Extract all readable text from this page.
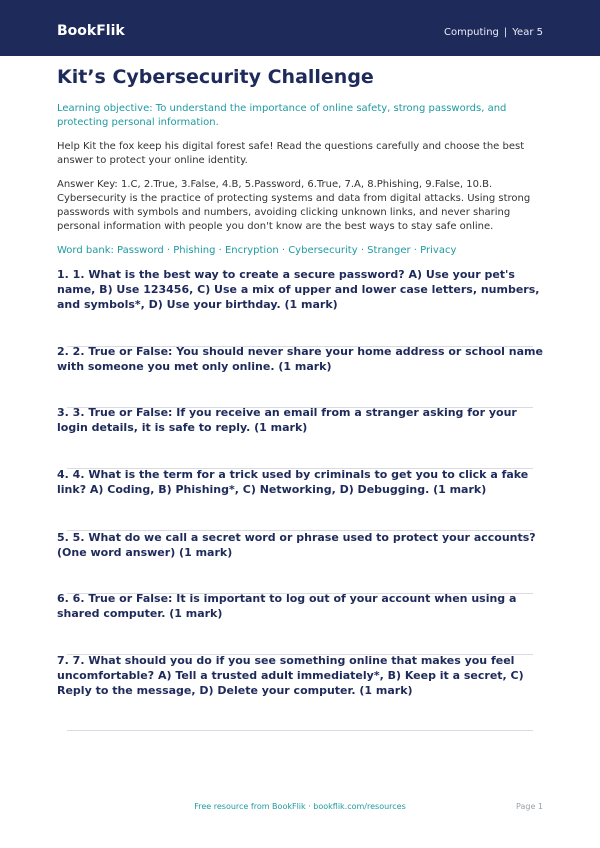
BookFlik	Computing | Year 5
Kit’s Cybersecurity Challenge
Learning objective: To understand the importance of online safety, strong passwords, and protecting personal information.
Help Kit the fox keep his digital forest safe! Read the questions carefully and choose the best answer to protect your online identity.
Answer Key: 1.C, 2.True, 3.False, 4.B, 5.Password, 6.True, 7.A, 8.Phishing, 9.False, 10.B. Cybersecurity is the practice of protecting systems and data from digital attacks. Using strong passwords with symbols and numbers, avoiding clicking unknown links, and never sharing personal information with people you don't know are the best ways to stay safe online.
Word bank: Password · Phishing · Encryption · Cybersecurity · Stranger · Privacy
1. 1. What is the best way to create a secure password? A) Use your pet's name, B) Use 123456, C) Use a mix of upper and lower case letters, numbers, and symbols*, D) Use your birthday. (1 mark)
2. 2. True or False: You should never share your home address or school name with someone you met only online. (1 mark)
3. 3. True or False: If you receive an email from a stranger asking for your login details, it is safe to reply. (1 mark)
4. 4. What is the term for a trick used by criminals to get you to click a fake link? A) Coding, B) Phishing*, C) Networking, D) Debugging. (1 mark)
5. 5. What do we call a secret word or phrase used to protect your accounts? (One word answer) (1 mark)
6. 6. True or False: It is important to log out of your account when using a shared computer. (1 mark)
7. 7. What should you do if you see something online that makes you feel uncomfortable? A) Tell a trusted adult immediately*, B) Keep it a secret, C) Reply to the message, D) Delete your computer. (1 mark)
Free resource from BookFlik · bookflik.com/resources	Page 1
